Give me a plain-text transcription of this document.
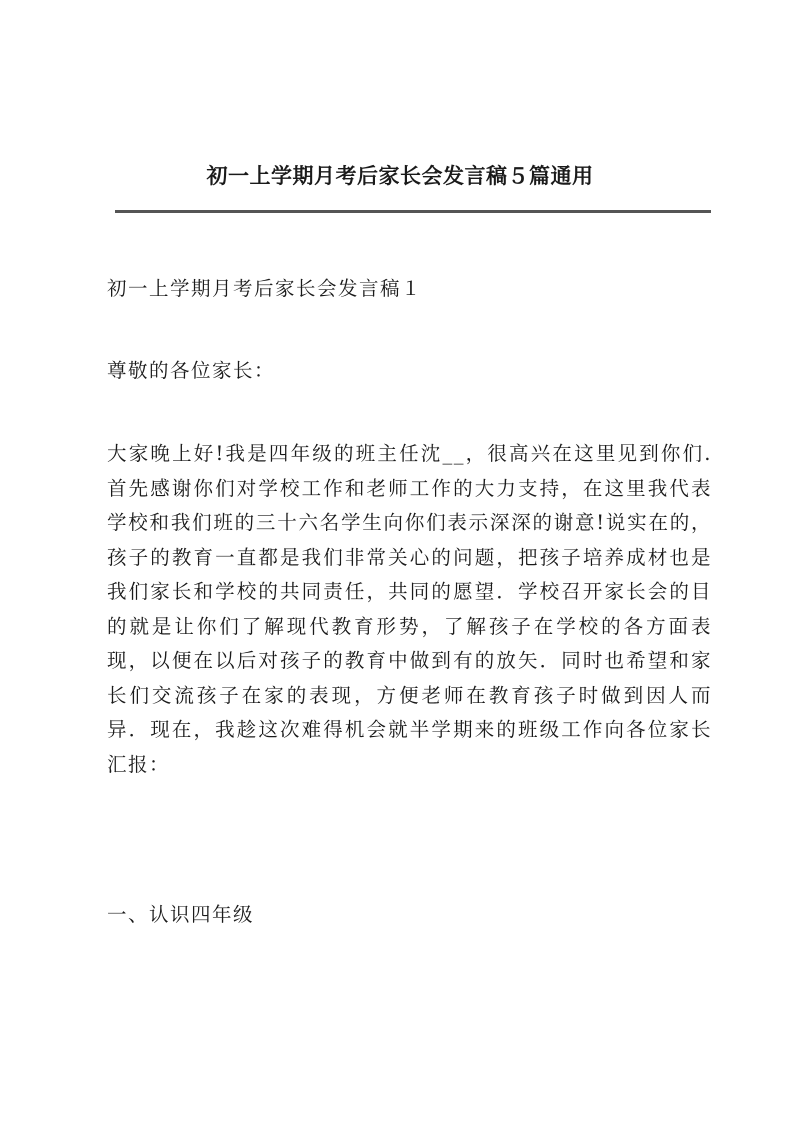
初一上学期月考后家长会发言稿５篇通用

初一上学期月考后家长会发言稿１

尊敬的各位家长：

大家晚上好!我是四年级的班主任沈__，很高兴在这里见到你们.首先感谢你们对学校工作和老师工作的大力支持，在这里我代表学校和我们班的三十六名学生向你们表示深深的谢意!说实在的，孩子的教育一直都是我们非常关心的问题，把孩子培养成材也是我们家长和学校的共同责任，共同的愿望．学校召开家长会的目的就是让你们了解现代教育形势，了解孩子在学校的各方面表现，以便在以后对孩子的教育中做到有的放矢．同时也希望和家长们交流孩子在家的表现，方便老师在教育孩子时做到因人而异．现在，我趁这次难得机会就半学期来的班级工作向各位家长汇报：

一、认识四年级
